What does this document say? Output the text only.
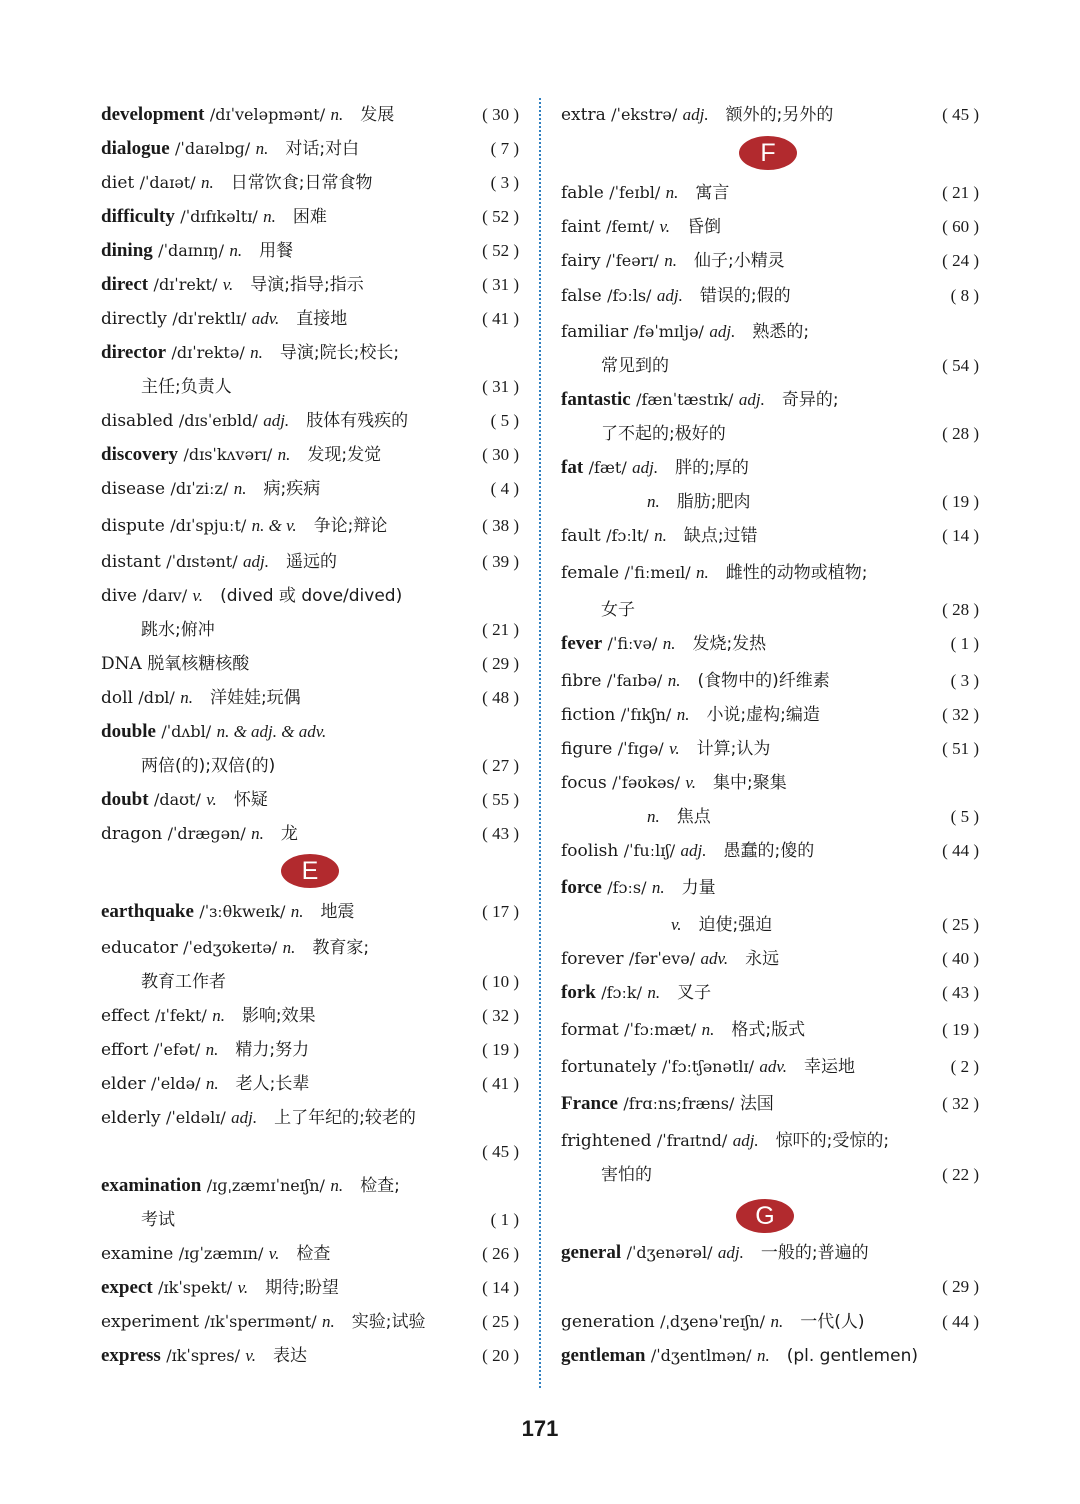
development /dɪˈveləpmənt/ n.  发展	( 30 )
dialogue /ˈdaɪəlɒɡ/ n.  对话;对白	( 7 )
diet /ˈdaɪət/ n.  日常饮食;日常食物	( 3 )
difficulty /ˈdɪfɪkəltɪ/ n.  困难	( 52 )
dining /ˈdaɪnɪŋ/ n.  用餐	( 52 )
direct /dɪˈrekt/ v.  导演;指导;指示	( 31 )
directly /dɪˈrektlɪ/ adv.  直接地	( 41 )
director /dɪˈrektə/ n.  导演;院长;校长;
主任;负责人	( 31 )
disabled /dɪsˈeɪbld/ adj.  肢体有残疾的	( 5 )
discovery /dɪsˈkʌvərɪ/ n.  发现;发觉	( 30 )
disease /dɪˈziːz/ n.  病;疾病	( 4 )
dispute /dɪˈspjuːt/ n. & v.  争论;辩论	( 38 )
distant /ˈdɪstənt/ adj.  遥远的	( 39 )
dive /daɪv/ v.  (dived 或 dove/dived)
跳水;俯冲	( 21 )
DNA 脱氧核糖核酸	( 29 )
doll /dɒl/ n.  洋娃娃;玩偶	( 48 )
double /ˈdʌbl/ n. & adj. & adv. 
两倍(的);双倍(的)	( 27 )
doubt /daʊt/ v.  怀疑	( 55 )
dragon /ˈdræɡən/ n.  龙	( 43 )
earthquake /ˈɜːθkweɪk/ n.  地震	( 17 )
educator /ˈedʒʊkeɪtə/ n.  教育家;
教育工作者	( 10 )
effect /ɪˈfekt/ n.  影响;效果	( 32 )
effort /ˈefət/ n.  精力;努力	( 19 )
elder /ˈeldə/ n.  老人;长辈	( 41 )
elderly /ˈeldəlɪ/ adj.  上了年纪的;较老的
( 45 )
examination /ɪɡˌzæmɪˈneɪʃn/ n.  检查;
考试	( 1 )
examine /ɪɡˈzæmɪn/ v.  检查	( 26 )
expect /ɪkˈspekt/ v.  期待;盼望	( 14 )
experiment /ɪkˈsperɪmənt/ n.  实验;试验	( 25 )
express /ɪkˈspres/ v.  表达	( 20 )
extra /ˈekstrə/ adj.  额外的;另外的	( 45 )
fable /ˈfeɪbl/ n.  寓言	( 21 )
faint /feɪnt/ v.  昏倒	( 60 )
fairy /ˈfeərɪ/ n.  仙子;小精灵	( 24 )
false /fɔːls/ adj.  错误的;假的	( 8 )
familiar /fəˈmɪljə/ adj.  熟悉的;
常见到的	( 54 )
fantastic /fænˈtæstɪk/ adj.  奇异的;
了不起的;极好的	( 28 )
fat /fæt/ adj.  胖的;厚的
n.  脂肪;肥肉	( 19 )
fault /fɔːlt/ n.  缺点;过错	( 14 )
female /ˈfiːmeɪl/ n.  雌性的动物或植物;
女子	( 28 )
fever /ˈfiːvə/ n.  发烧;发热	( 1 )
fibre /ˈfaɪbə/ n.  (食物中的)纤维素	( 3 )
fiction /ˈfɪkʃn/ n.  小说;虚构;编造	( 32 )
figure /ˈfɪɡə/ v.  计算;认为	( 51 )
focus /ˈfəʊkəs/ v.  集中;聚集
n.  焦点	( 5 )
foolish /ˈfuːlɪʃ/ adj.  愚蠢的;傻的	( 44 )
force /fɔːs/ n.  力量
v.  迫使;强迫	( 25 )
forever /fərˈevə/ adv.  永远	( 40 )
fork /fɔːk/ n.  叉子	( 43 )
format /ˈfɔːmæt/ n.  格式;版式	( 19 )
fortunately /ˈfɔːtʃənətlɪ/ adv.  幸运地	( 2 )
France /frɑːns;fræns/ 法国	( 32 )
frightened /ˈfraɪtnd/ adj.  惊吓的;受惊的;
害怕的	( 22 )
general /ˈdʒenərəl/ adj.  一般的;普遍的
( 29 )
generation /ˌdʒenəˈreɪʃn/ n.  一代(人)	( 44 )
gentleman /ˈdʒentlmən/ n.  (pl. gentlemen)
E
F
G
171
